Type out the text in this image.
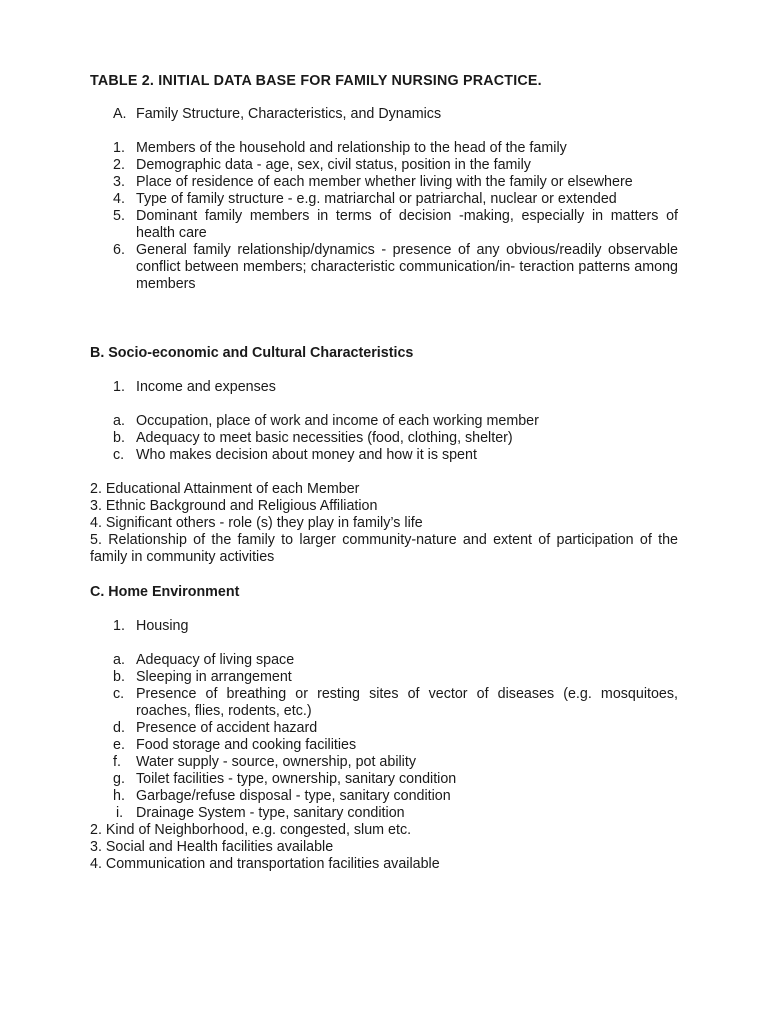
TABLE 2. INITIAL DATA BASE FOR FAMILY NURSING PRACTICE.
A. Family Structure, Characteristics, and Dynamics
1. Members of the household and relationship to the head of the family
2. Demographic data - age, sex, civil status, position in the family
3. Place of residence of each member whether living with the family or elsewhere
4. Type of family structure - e.g. matriarchal or patriarchal, nuclear or extended
5. Dominant family members in terms of decision -making, especially in matters of health care
6. General family relationship/dynamics - presence of any obvious/readily observable conflict between members; characteristic communication/in- teraction patterns among members
B. Socio-economic and Cultural Characteristics
1. Income and expenses
a. Occupation, place of work and income of each working member
b. Adequacy to meet basic necessities (food, clothing, shelter)
c. Who makes decision about money and how it is spent
2. Educational Attainment of each Member
3. Ethnic Background and Religious Affiliation
4. Significant others - role (s) they play in family’s life
5. Relationship of the family to larger community-nature and extent of participation of the family in community activities
C. Home Environment
1. Housing
a. Adequacy of living space
b. Sleeping in arrangement
c. Presence of breathing or resting sites of vector of diseases (e.g. mosquitoes, roaches, flies, rodents, etc.)
d. Presence of accident hazard
e. Food storage and cooking facilities
f. Water supply - source, ownership, pot ability
g. Toilet facilities - type, ownership, sanitary condition
h. Garbage/refuse disposal - type, sanitary condition
i. Drainage System - type, sanitary condition
2. Kind of Neighborhood, e.g. congested, slum etc.
3. Social and Health facilities available
4. Communication and transportation facilities available
